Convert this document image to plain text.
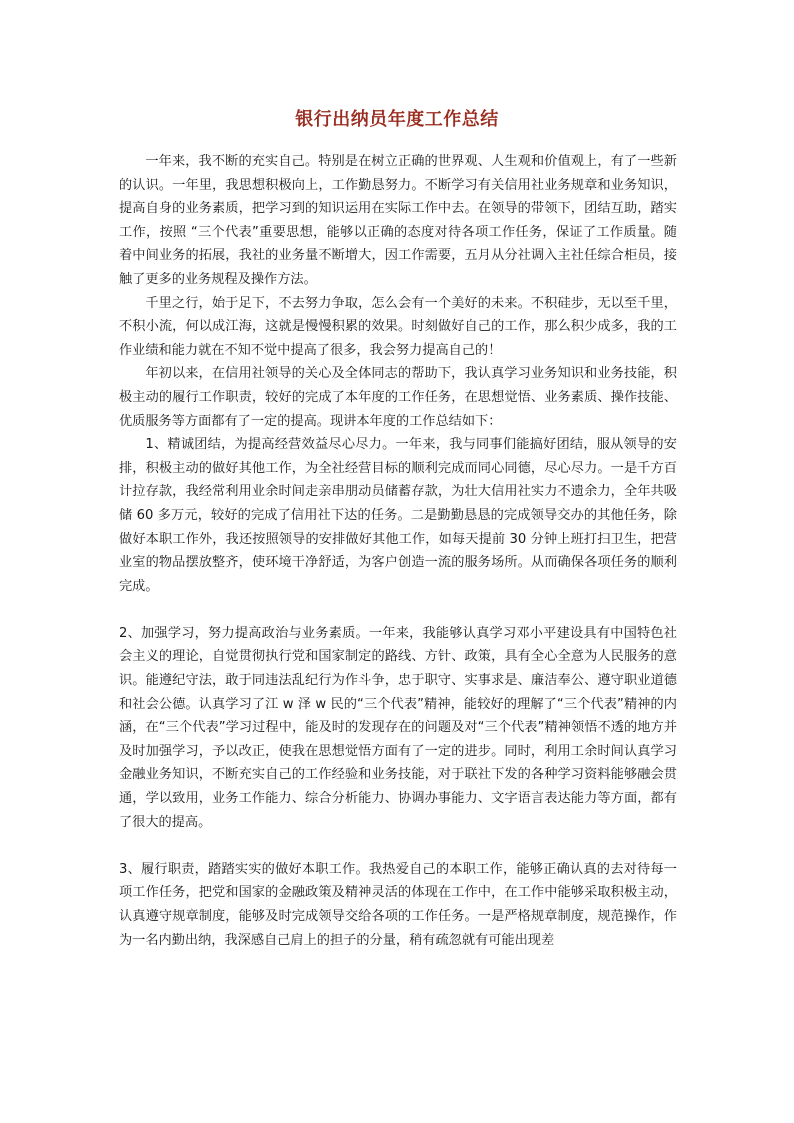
银行出纳员年度工作总结

一年来，我不断的充实自己。特别是在树立正确的世界观、人生观和价值观上，有了一些新的认识。一年里，我思想积极向上，工作勤恳努力。不断学习有关信用社业务规章和业务知识，提高自身的业务素质，把学习到的知识运用在实际工作中去。在领导的带领下，团结互助，踏实工作，按照 “三个代表”重要思想，能够以正确的态度对待各项工作任务，保证了工作质量。随着中间业务的拓展，我社的业务量不断增大，因工作需要，五月从分社调入主社任综合柜员，接触了更多的业务规程及操作方法。

千里之行，始于足下，不去努力争取，怎么会有一个美好的未来。不积硅步，无以至千里，不积小流，何以成江海，这就是慢慢积累的效果。时刻做好自己的工作，那么积少成多，我的工作业绩和能力就在不知不觉中提高了很多，我会努力提高自己的！

年初以来，在信用社领导的关心及全体同志的帮助下，我认真学习业务知识和业务技能，积极主动的履行工作职责，较好的完成了本年度的工作任务，在思想觉悟、业务素质、操作技能、优质服务等方面都有了一定的提高。现讲本年度的工作总结如下：

1、精诚团结，为提高经营效益尽心尽力。一年来，我与同事们能搞好团结，服从领导的安排，积极主动的做好其他工作，为全社经营目标的顺利完成而同心同德，尽心尽力。一是千方百计拉存款，我经常利用业余时间走亲串朋动员储蓄存款，为壮大信用社实力不遗余力，全年共吸储 60 多万元，较好的完成了信用社下达的任务。二是勤勤恳恳的完成领导交办的其他任务，除做好本职工作外，我还按照领导的安排做好其他工作，如每天提前 30 分钟上班打扫卫生，把营业室的物品摆放整齐，使环境干净舒适，为客户创造一流的服务场所。从而确保各项任务的顺利完成。

2、加强学习，努力提高政治与业务素质。一年来，我能够认真学习邓小平建设具有中国特色社会主义的理论，自觉贯彻执行党和国家制定的路线、方针、政策，具有全心全意为人民服务的意识。能遵纪守法，敢于同违法乱纪行为作斗争，忠于职守、实事求是、廉洁奉公、遵守职业道德和社会公德。认真学习了江 w 泽 w 民的“三个代表”精神，能较好的理解了“三个代表”精神的内涵，在“三个代表”学习过程中，能及时的发现存在的问题及对“三个代表”精神领悟不透的地方并及时加强学习，予以改正，使我在思想觉悟方面有了一定的进步。同时，利用工余时间认真学习金融业务知识，不断充实自己的工作经验和业务技能，对于联社下发的各种学习资料能够融会贯通，学以致用，业务工作能力、综合分析能力、协调办事能力、文字语言表达能力等方面，都有了很大的提高。

3、履行职责，踏踏实实的做好本职工作。我热爱自己的本职工作，能够正确认真的去对待每一项工作任务，把党和国家的金融政策及精神灵活的体现在工作中，在工作中能够采取积极主动，认真遵守规章制度，能够及时完成领导交给各项的工作任务。一是严格规章制度，规范操作，作为一名内勤出纳，我深感自己肩上的担子的分量，稍有疏忽就有可能出现差
